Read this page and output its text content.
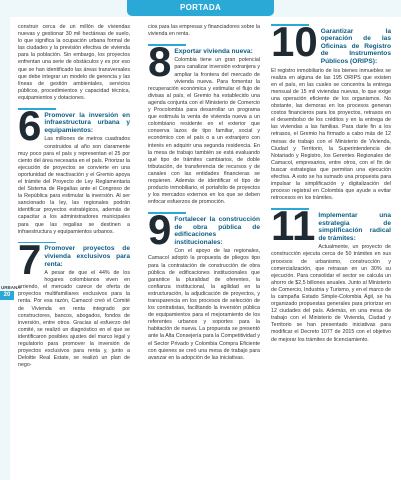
PORTADA
URBANA
20

construir cerca de un millón de viviendas nuevas y gestionar 30 mil hectáreas de suelo, lo que significa la ocupación urbana formal de las ciudades y la previsión efectiva de vivienda para la población. Sin embargo, los proyectos enfrentan una serie de obstáculos y es por eso que se han identificado las áreas transversales que debe integrar un modelo de gerencia y las líneas de gestión ambientales, servicios públicos, procedimientos y capacidad técnica, equipamientos y dotaciones.

6 Promover la inversión en infraestructura urbana y equipamientos:

Las millones de metros cuadrados construidos al año son claramente muy poco para el país y representan el 25 por ciento del área necesaria en el país. Priorizar la ejecución de proyectos se convierte en una oportunidad de reactivación y el Gremio apoya el trámite del Proyecto de Ley Reglamentaria del Sistema de Regalías ante el Congreso de la República para estimular la inversión. Al ser sancionado la ley, las regionales podrán identificar proyectos estratégicos, además de capacitar a los administradores municipales para que las regalías se destinen a infraestructura y equipamientos urbanos.

7 Promover proyectos de vivienda exclusivos para renta:

A pesar de que el 44% de los hogares colombianos viven en arriendo, el mercado carece de oferta de proyectos multifamiliares exclusivos para la renta. Por esa razón, Camacol creó el Comité de Vivienda en renta integrado por constructores, bancos, abogados, fondos de inversión, entre otros. Gracias al esfuerzo del comité, se realizó un diagnóstico en el que se identificaron posibles ajustes del marco legal y regulatorio para promover la inversión de proyectos exclusivos para renta y, junto a Deloitte Real Estate, se realizó un plan de nego-

cios para las empresas y financiadores sobre la vivienda en renta.

8 Exportar vivienda nueva:

Colombia tiene un gran potencial para canalizar inversión extranjera y ampliar la frontera del mercado de vivienda nueva. Para fomentar la recuperación económica y estimular el flujo de divisas al país, el Gremio ha establecido una agenda conjunta con el Ministerio de Comercio y Procolombia para desarrollar un programa que estimula la venta de vivienda nueva a un colombiano residente en el exterior que conserva lazos de tipo familiar, social y económico con el país o a un extranjero con interés en adquirir una segunda residencia. En la mesa de trabajo también se está evaluando qué tipo de trámites cambiarios, de doble tributación, de transferencia de recursos y de canales con las entidades financieras se requieren. Además de identificar el tipo de producto inmobiliario, el portafolio de proyectos y los mercados externos en los que se deben enfocar esfuerzos de promoción.

9 Fortalecer la construcción de obra pública de edificaciones institucionales:

Con el apoyo de las regionales, Camacol adoptó la propuesta de pliegos tipo para la contratación de construcción de obra pública de edificaciones institucionales que garantice la pluralidad de oferentes, la confianza institucional, la agilidad en la estructuración, la adjudicación de proyectos, y transparencia en los procesos de selección de los contratistas, facilitando la inversión pública de equipamientos para el mejoramiento de los referentes urbanos y soportes para la habitación de nueva. La propuesta se presentó ante la Alta Consejería para la Competitividad y el Sector Privado y Colombia Compra Eficiente con quienes se creó una mesa de trabajo para avanzar en la adopción de las iniciativas.

10 Garantizar la operación de las Oficinas de Registro de Instrumentos Públicos (ORIPS):

El registro inmobiliario de los bienes inmuebles se realiza en alguna de las 195 ORIPS que existen en el país, en las cuales se concentra la entrega mensual de 15 mil viviendas nuevas, lo que exige una operación eficiente de los organismos. No obstante, las demoras en los procesos generan costos financieros para los proyectos, retrasos en el desembolso de los créditos y en la entrega de las viviendas a las familias. Para darle fin a los retrasos, el Gremio ha firmado a cabo más de 12 mesas de trabajo con el Ministerio de Vivienda, Ciudad y Territorio, la Superintendencia de Notariado y Registro, los Gerentes Regionales de Camacol, empresarios, entre otros, con el fin de buscar estrategias que permitan una ejecución efectiva. A esto se ha sumado una propuesta para impulsar la simplificación y digitalización del proceso registral en Colombia que ayude a evitar retrocesos en los trámites.

11 Implementar una estrategia de simplificación radical de trámites:

Actualmente, un proyecto de construcción ejecuta cerca de 50 trámites en sus procesos de urbanismo, construcción y comercialización, que retrasan en un 30% su ejecución. Para consolidar el sector se calcula un ahorro de $2,5 billones anuales. Junto al Ministerio de Comercio, Industria y Turismo, y en el marco de la campaña Estado Simple-Colombia Ágil, se ha organizado propuestas generales para priorizar en 12 ciudades del país. Además, en una mesa de trabajo con el Ministerio de Vivienda, Ciudad y Territorio se han presentado iniciativas para modificar el Decreto 1077 de 2015 con el objetivo de mejorar los trámites de licenciamiento.
